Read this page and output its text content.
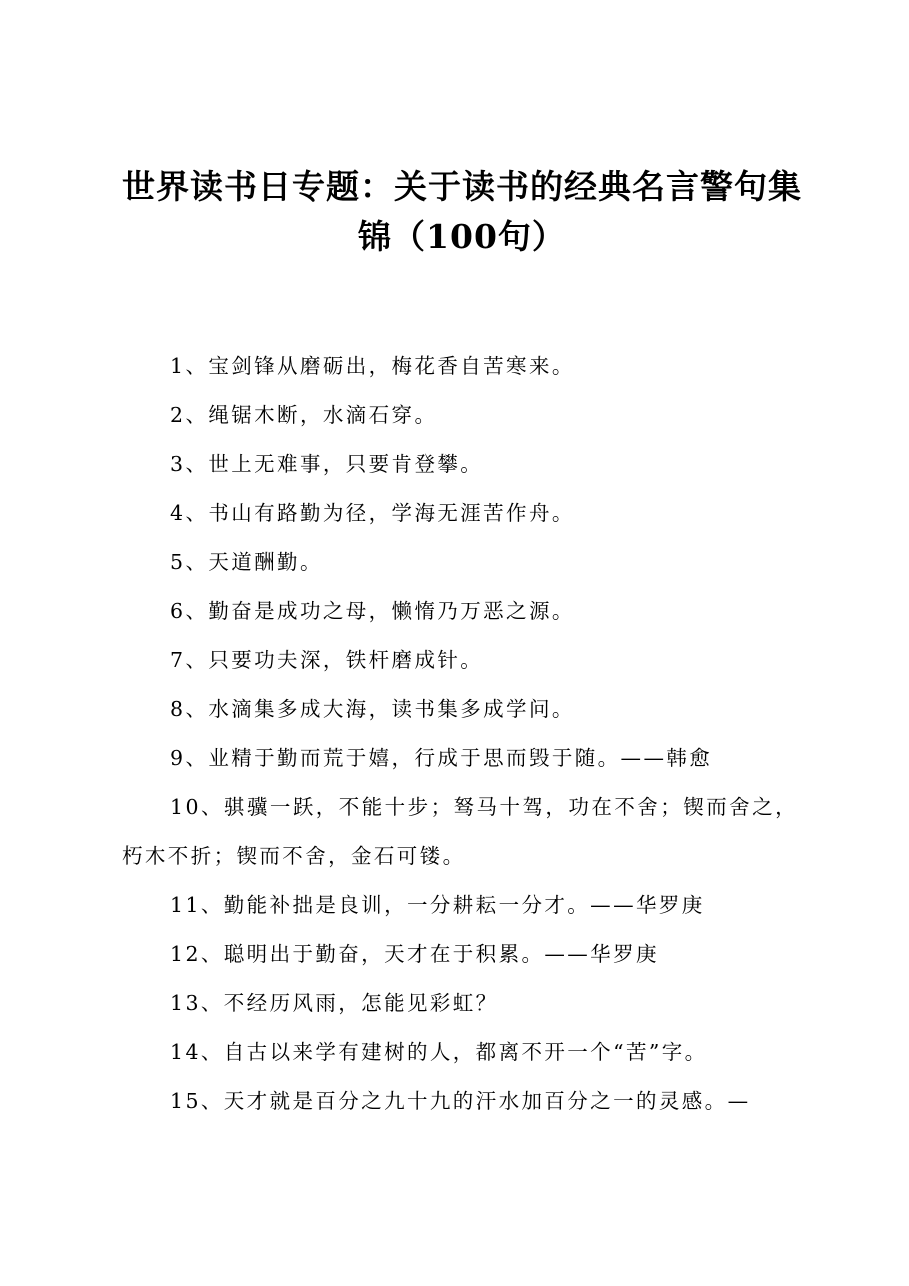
世界读书日专题：关于读书的经典名言警句集锦（100句）

1、宝剑锋从磨砺出，梅花香自苦寒来。

2、绳锯木断，水滴石穿。

3、世上无难事，只要肯登攀。

4、书山有路勤为径，学海无涯苦作舟。

5、天道酬勤。

6、勤奋是成功之母，懒惰乃万恶之源。

7、只要功夫深，铁杆磨成针。

8、水滴集多成大海，读书集多成学问。

9、业精于勤而荒于嬉，行成于思而毁于随。——韩愈

10、骐骥一跃，不能十步；驽马十驾，功在不舍；锲而舍之，朽木不折；锲而不舍，金石可镂。

11、勤能补拙是良训，一分耕耘一分才。——华罗庚

12、聪明出于勤奋，天才在于积累。——华罗庚

13、不经历风雨，怎能见彩虹？

14、自古以来学有建树的人，都离不开一个“苦”字。

15、天才就是百分之九十九的汗水加百分之一的灵感。—
